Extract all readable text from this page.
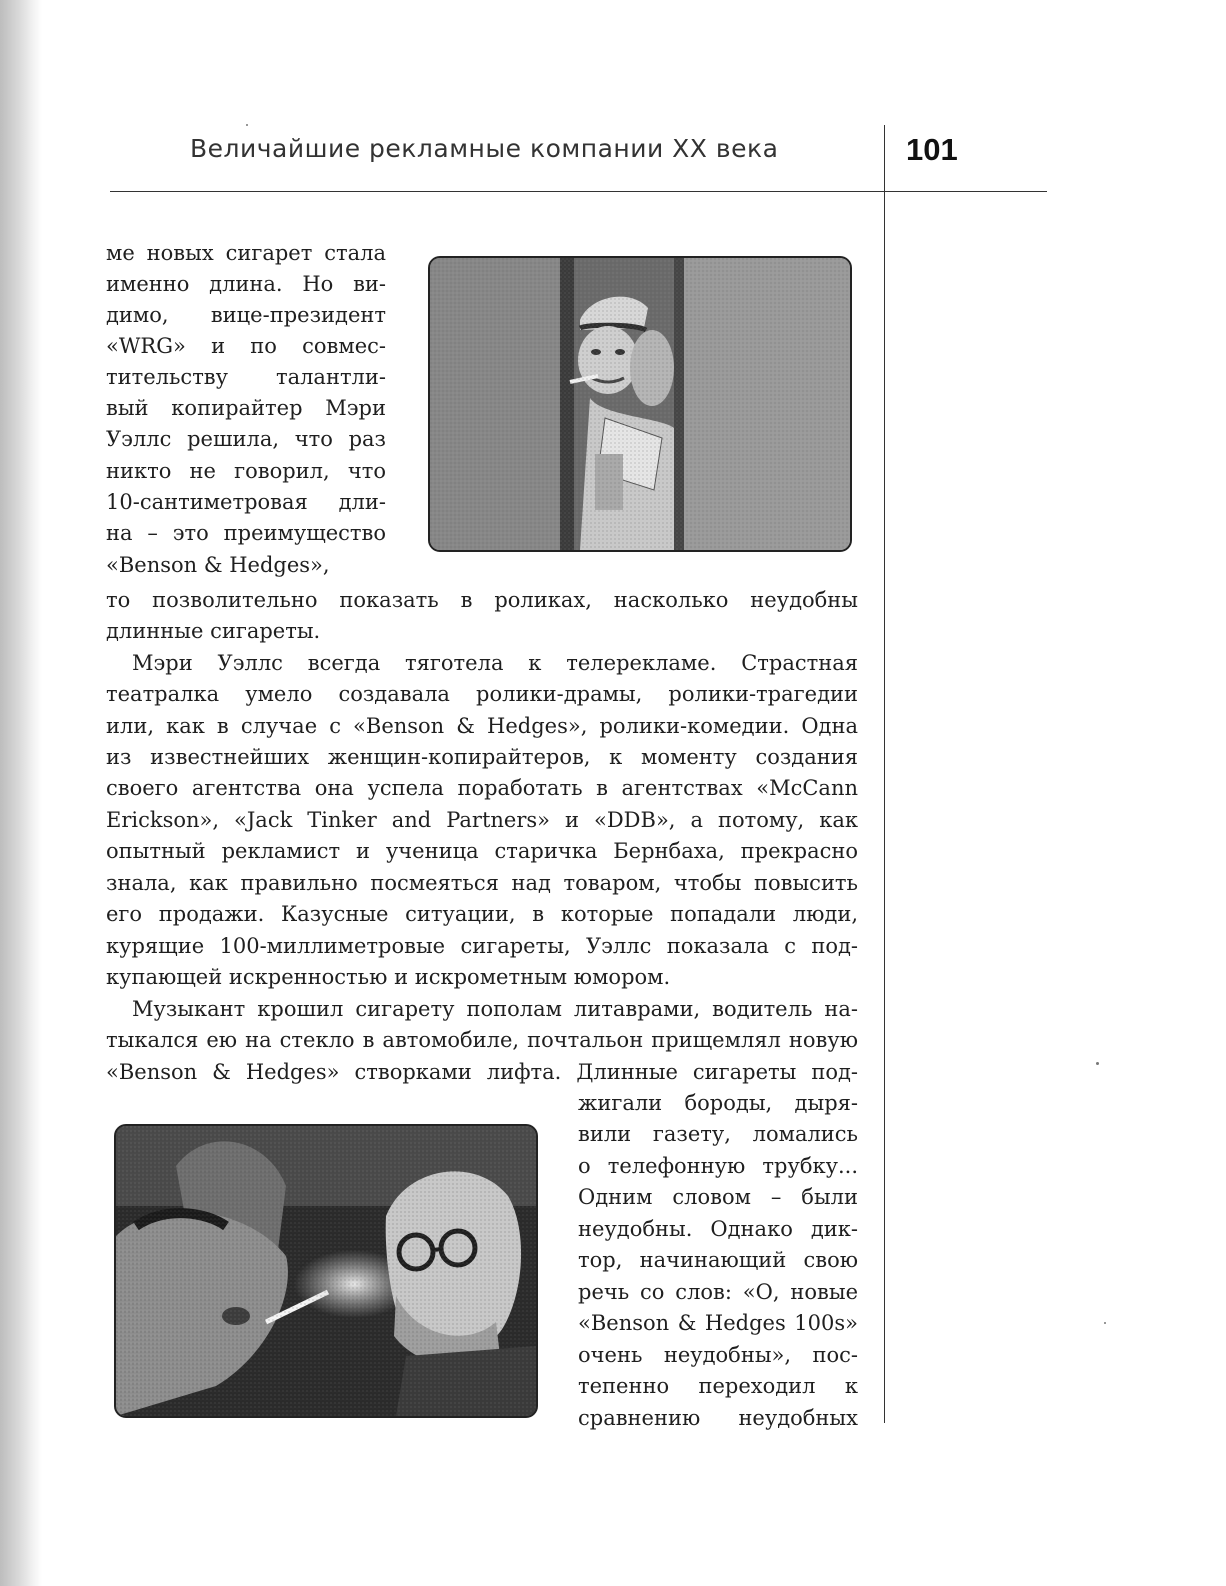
Величайшие рекламные компании XX века	101
ме новых сигарет стала
именно длина. Но ви-
димо, вице-президент
«WRG» и по совмес-
тительству талантли-
вый копирайтер Мэри
Уэллс решила, что раз
никто не говорил, что
10-сантиметровая дли-
на – это преимущество
«Benson & Hedges»,
то позволительно показать в роликах, насколько неудобны
длинные сигареты.
Мэри Уэллс всегда тяготела к телерекламе. Страстная
театралка умело создавала ролики-драмы, ролики-трагедии
или, как в случае с «Benson & Hedges», ролики-комедии. Одна
из известнейших женщин-копирайтеров, к моменту создания
своего агентства она успела поработать в агентствах «McCann
Erickson», «Jack Tinker and Partners» и «DDB», а потому, как
опытный рекламист и ученица старичка Бернбаха, прекрасно
знала, как правильно посмеяться над товаром, чтобы повысить
его продажи. Казусные ситуации, в которые попадали люди,
курящие 100-миллиметровые сигареты, Уэллс показала с под-
купающей искренностью и искрометным юмором.
Музыкант крошил сигарету пополам литаврами, водитель на-
тыкался ею на стекло в автомобиле, почтальон прищемлял новую
«Benson & Hedges» створками лифта. Длинные сигареты под-
жигали бороды, дыря-
вили газету, ломались
о телефонную трубку...
Одним словом – были
неудобны. Однако дик-
тор, начинающий свою
речь со слов: «О, новые
«Benson & Hedges 100s»
очень неудобны», пос-
тепенно переходил к
сравнению неудобных
